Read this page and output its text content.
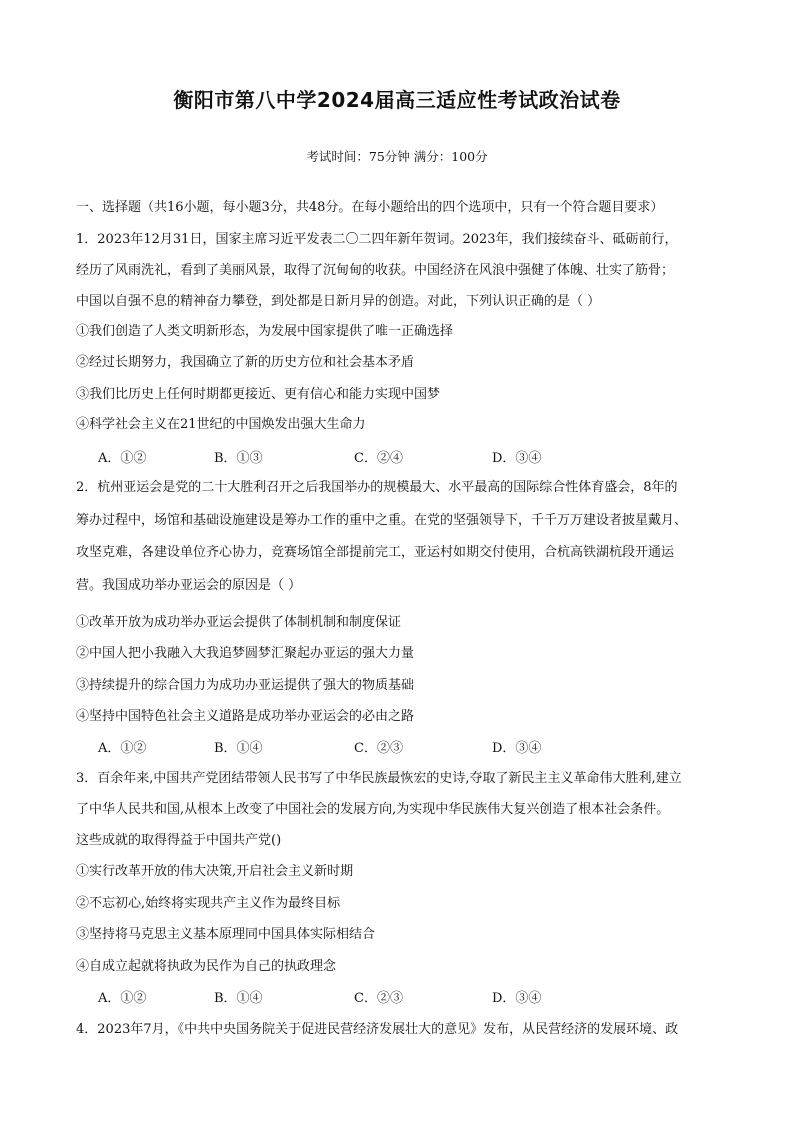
衡阳市第八中学2024届高三适应性考试政治试卷
考试时间：75分钟 满分：100分
一、选择题（共16小题，每小题3分，共48分。在每小题给出的四个选项中，只有一个符合题目要求）
1．2023年12月31日，国家主席习近平发表二〇二四年新年贺词。2023年，我们接续奋斗、砥砺前行，
经历了风雨洗礼，看到了美丽风景，取得了沉甸甸的收获。中国经济在风浪中强健了体魄、壮实了筋骨；
中国以自强不息的精神奋力攀登，到处都是日新月异的创造。对此，下列认识正确的是（ ）
①我们创造了人类文明新形态，为发展中国家提供了唯一正确选择
②经过长期努力，我国确立了新的历史方位和社会基本矛盾
③我们比历史上任何时期都更接近、更有信心和能力实现中国梦
④科学社会主义在21世纪的中国焕发出强大生命力
A．①②	B．①③	C．②④	D．③④
2．杭州亚运会是党的二十大胜利召开之后我国举办的规模最大、水平最高的国际综合性体育盛会，8年的
筹办过程中，场馆和基础设施建设是筹办工作的重中之重。在党的坚强领导下，千千万万建设者披星戴月、
攻坚克难，各建设单位齐心协力，竞赛场馆全部提前完工，亚运村如期交付使用，合杭高铁湖杭段开通运
营。我国成功举办亚运会的原因是（ ）
①改革开放为成功举办亚运会提供了体制机制和制度保证
②中国人把小我融入大我追梦圆梦汇聚起办亚运的强大力量
③持续提升的综合国力为成功办亚运提供了强大的物质基础
④坚持中国特色社会主义道路是成功举办亚运会的必由之路
A．①②	B．①④	C．②③	D．③④
3．百余年来,中国共产党团结带领人民书写了中华民族最恢宏的史诗,夺取了新民主主义革命伟大胜利,建立
了中华人民共和国,从根本上改变了中国社会的发展方向,为实现中华民族伟大复兴创造了根本社会条件。
这些成就的取得得益于中国共产党()
①实行改革开放的伟大决策,开启社会主义新时期
②不忘初心,始终将实现共产主义作为最终目标
③坚持将马克思主义基本原理同中国具体实际相结合
④自成立起就将执政为民作为自己的执政理念
A．①②	B．①④	C．②③	D．③④
4．2023年7月，《中共中央国务院关于促进民营经济发展壮大的意见》发布，从民营经济的发展环境、政
